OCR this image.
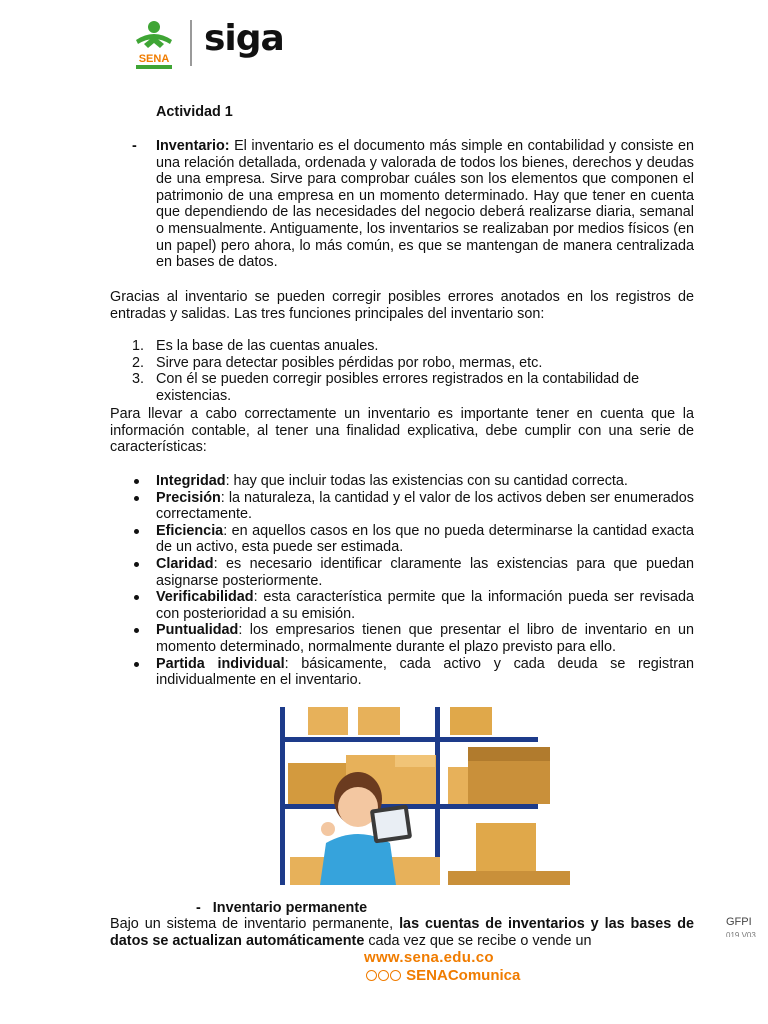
SENA siga
Actividad 1
- Inventario: El inventario es el documento más simple en contabilidad y consiste en una relación detallada, ordenada y valorada de todos los bienes, derechos y deudas de una empresa. Sirve para comprobar cuáles son los elementos que componen el patrimonio de una empresa en un momento determinado. Hay que tener en cuenta que dependiendo de las necesidades del negocio deberá realizarse diaria, semanal o mensualmente. Antiguamente, los inventarios se realizaban por medios físicos (en un papel) pero ahora, lo más común, es que se mantengan de manera centralizada en bases de datos.
Gracias al inventario se pueden corregir posibles errores anotados en los registros de entradas y salidas. Las tres funciones principales del inventario son:
1. Es la base de las cuentas anuales.
2. Sirve para detectar posibles pérdidas por robo, mermas, etc.
3. Con él se pueden corregir posibles errores registrados en la contabilidad de existencias.
Para llevar a cabo correctamente un inventario es importante tener en cuenta que la información contable, al tener una finalidad explicativa, debe cumplir con una serie de características:
Integridad: hay que incluir todas las existencias con su cantidad correcta.
Precisión: la naturaleza, la cantidad y el valor de los activos deben ser enumerados correctamente.
Eficiencia: en aquellos casos en los que no pueda determinarse la cantidad exacta de un activo, esta puede ser estimada.
Claridad: es necesario identificar claramente las existencias para que puedan asignarse posteriormente.
Verificabilidad: esta característica permite que la información pueda ser revisada con posterioridad a su emisión.
Puntualidad: los empresarios tienen que presentar el libro de inventario en un momento determinado, normalmente durante el plazo previsto para ello.
Partida individual: básicamente, cada activo y cada deuda se registran individualmente en el inventario.
- Inventario permanente
Bajo un sistema de inventario permanente, las cuentas de inventarios y las bases de datos se actualizan automáticamente cada vez que se recibe o vende un
GFPI
019 V03
www.sena.edu.co
SENAComunica
